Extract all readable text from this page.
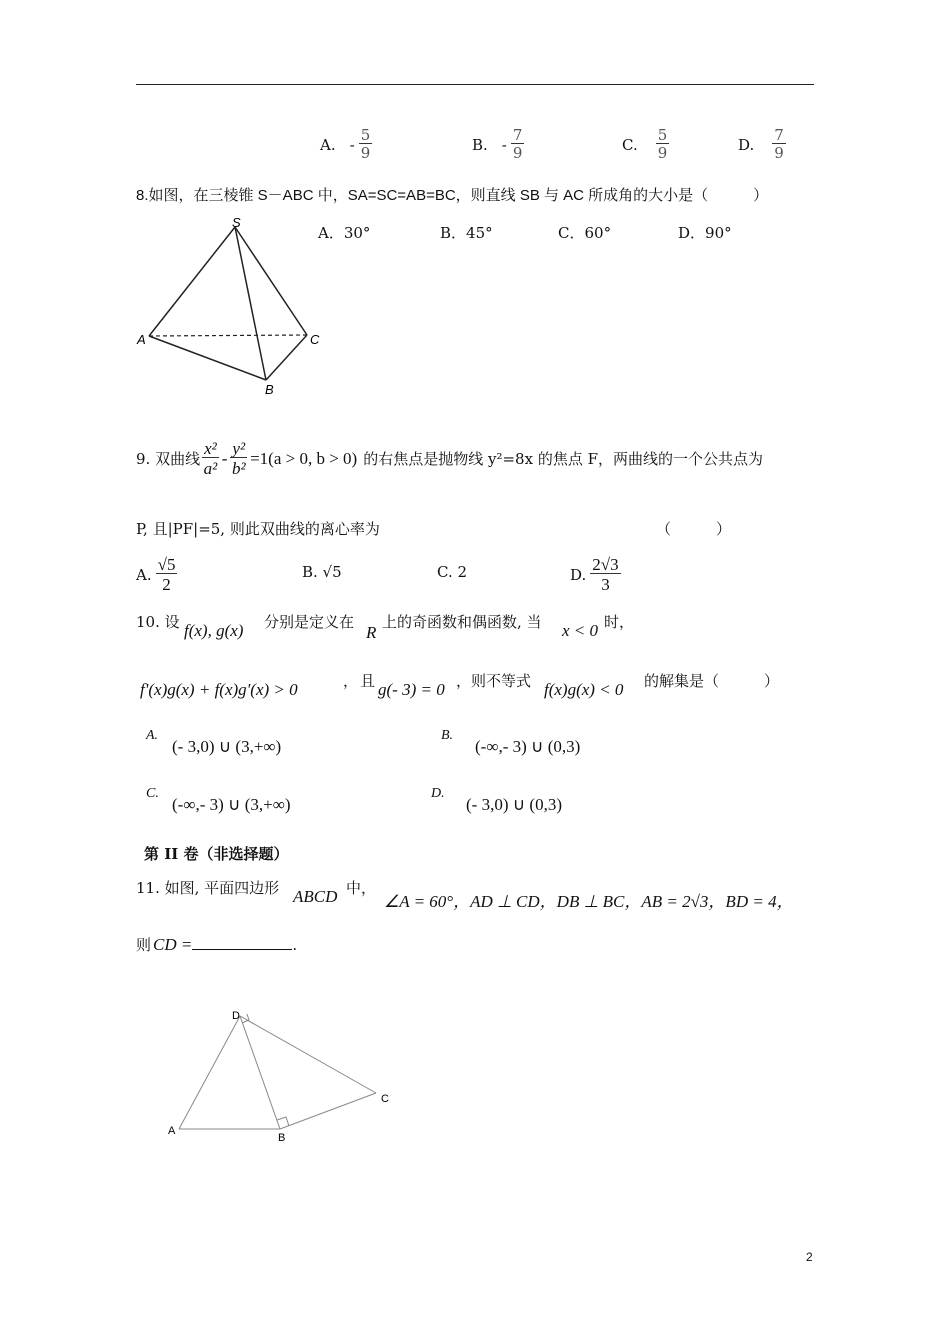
A. - $\frac{5}{9}$	B. - $\frac{7}{9}$	C. $\frac{5}{9}$	D. $\frac{7}{9}$
8.如图，在三棱锥 S－ABC 中，SA=SC=AB=BC，则直线 SB 与 AC 所成角的大小是（　　　）
A．30°	B．45°	C．60°	D．90°
S
A	C
B
9. 双曲线 $\frac{\text{x²}}{\text{a²}} - \frac{\text{y²}}{\text{b²}} =1(a > 0$, b > 0) 的右焦点是抛物线 y²=8x 的焦点 F，两曲线的一个公共点为
P, 且|PF|=5, 则此双曲线的离心率为	（　　　）
A. $\frac{√5}{2}$	B. √5	C. 2	D. $\frac{2√3}{3}$
10. 设 f(x), g(x) 分别是定义在
R
上的奇函数和偶函数, 当 x < 0 时，
f'(x)g(x) + f(x)g'(x) > 0	， 且 g(- 3) = 0 ，则不等式 f(x)g(x) < 0 的解集是（　　　）
A.
(- 3,0) ∪ (3,+∞)
B.
(-∞,- 3) ∪ (0,3)
C.
(-∞,- 3) ∪ (3,+∞)
D.
(- 3,0) ∪ (0,3)
第 II 卷（非选择题）
11. 如图, 平面四边形 ABCD 中，
∠A = 60°，AD ⊥ CD，DB ⊥ BC，AB = 2√3，BD = 4，
则 CD =	.
D
C
A
B
2
